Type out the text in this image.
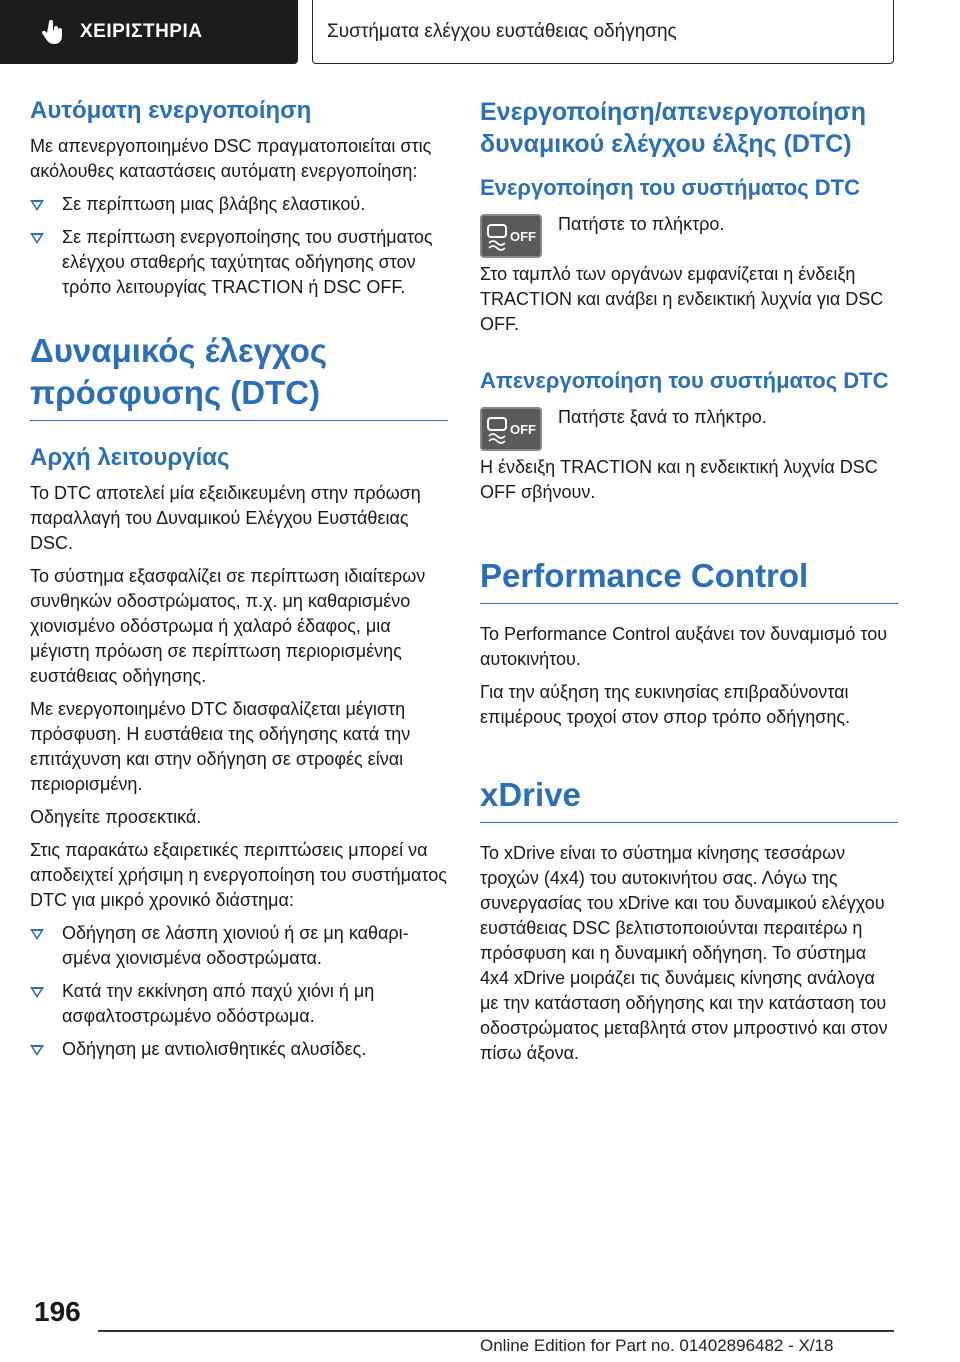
ΧΕΙΡΙΣΤΗΡΙΑ	Συστήματα ελέγχου ευστάθειας οδήγησης
Αυτόματη ενεργοποίηση

Με απενεργοποιημένο DSC πραγματοποιείται στις ακόλουθες καταστάσεις αυτόματη ενεργοποίηση:

Σε περίπτωση μιας βλάβης ελαστικού.
Σε περίπτωση ενεργοποίησης του συστήματος ελέγχου σταθερής ταχύτητας οδήγησης στον τρόπο λειτουργίας TRACTION ή DSC OFF.
Δυναμικός έλεγχος πρόσφυσης (DTC)
Αρχή λειτουργίας

Το DTC αποτελεί μία εξειδικευμένη στην πρόωση παραλλαγή του Δυναμικού Ελέγχου Ευστάθειας DSC.

Το σύστημα εξασφαλίζει σε περίπτωση ιδιαίτερων συνθηκών οδοστρώματος, π.χ. μη καθαρισμένο χιονισμένο οδόστρωμα ή χαλαρό έδαφος, μια μέγιστη πρόωση σε περίπτωση περιορισμένης ευστάθειας οδήγησης.

Με ενεργοποιημένο DTC διασφαλίζεται μέγιστη πρόσφυση. Η ευστάθεια της οδήγησης κατά την επιτάχυνση και στην οδήγηση σε στροφές είναι περιορισμένη.

Οδηγείτε προσεκτικά.

Στις παρακάτω εξαιρετικές περιπτώσεις μπορεί να αποδειχτεί χρήσιμη η ενεργοποίηση του συστήματος DTC για μικρό χρονικό διάστημα:

Οδήγηση σε λάσπη χιονιού ή σε μη καθαρισμένα χιονισμένα οδοστρώματα.
Κατά την εκκίνηση από παχύ χιόνι ή μη ασφαλτοστρωμένο οδόστρωμα.
Οδήγηση με αντιολισθητικές αλυσίδες.
Ενεργοποίηση/απενεργοποίηση δυναμικού ελέγχου έλξης (DTC)
Ενεργοποίηση του συστήματος DTC
OFF

Πατήστε το πλήκτρο.

Στο ταμπλό των οργάνων εμφανίζεται η ένδειξη TRACTION και ανάβει η ενδεικτική λυχνία για DSC OFF.

Απενεργοποίηση του συστήματος DTC
OFF

Πατήστε ξανά το πλήκτρο.

Η ένδειξη TRACTION και η ενδεικτική λυχνία DSC OFF σβήνουν.

Performance Control

Το Performance Control αυξάνει τον δυναμισμό του αυτοκινήτου.

Για την αύξηση της ευκινησίας επιβραδύνονται επιμέρους τροχοί στον σπορ τρόπο οδήγησης.

xDrive

Το xDrive είναι το σύστημα κίνησης τεσσάρων τροχών (4x4) του αυτοκινήτου σας. Λόγω της συνεργασίας του xDrive και του δυναμικού ελέγχου ευστάθειας DSC βελτιστοποιούνται περαιτέρω η πρόσφυση και η δυναμική οδήγηση. Το σύστημα 4x4 xDrive μοιράζει τις δυνάμεις κίνησης ανάλογα με την κατάσταση οδήγησης και την κατάσταση του οδοστρώματος μεταβλητά στον μπροστινό και στον πίσω άξονα.

196
Online Edition for Part no. 01402896482 - X/18
